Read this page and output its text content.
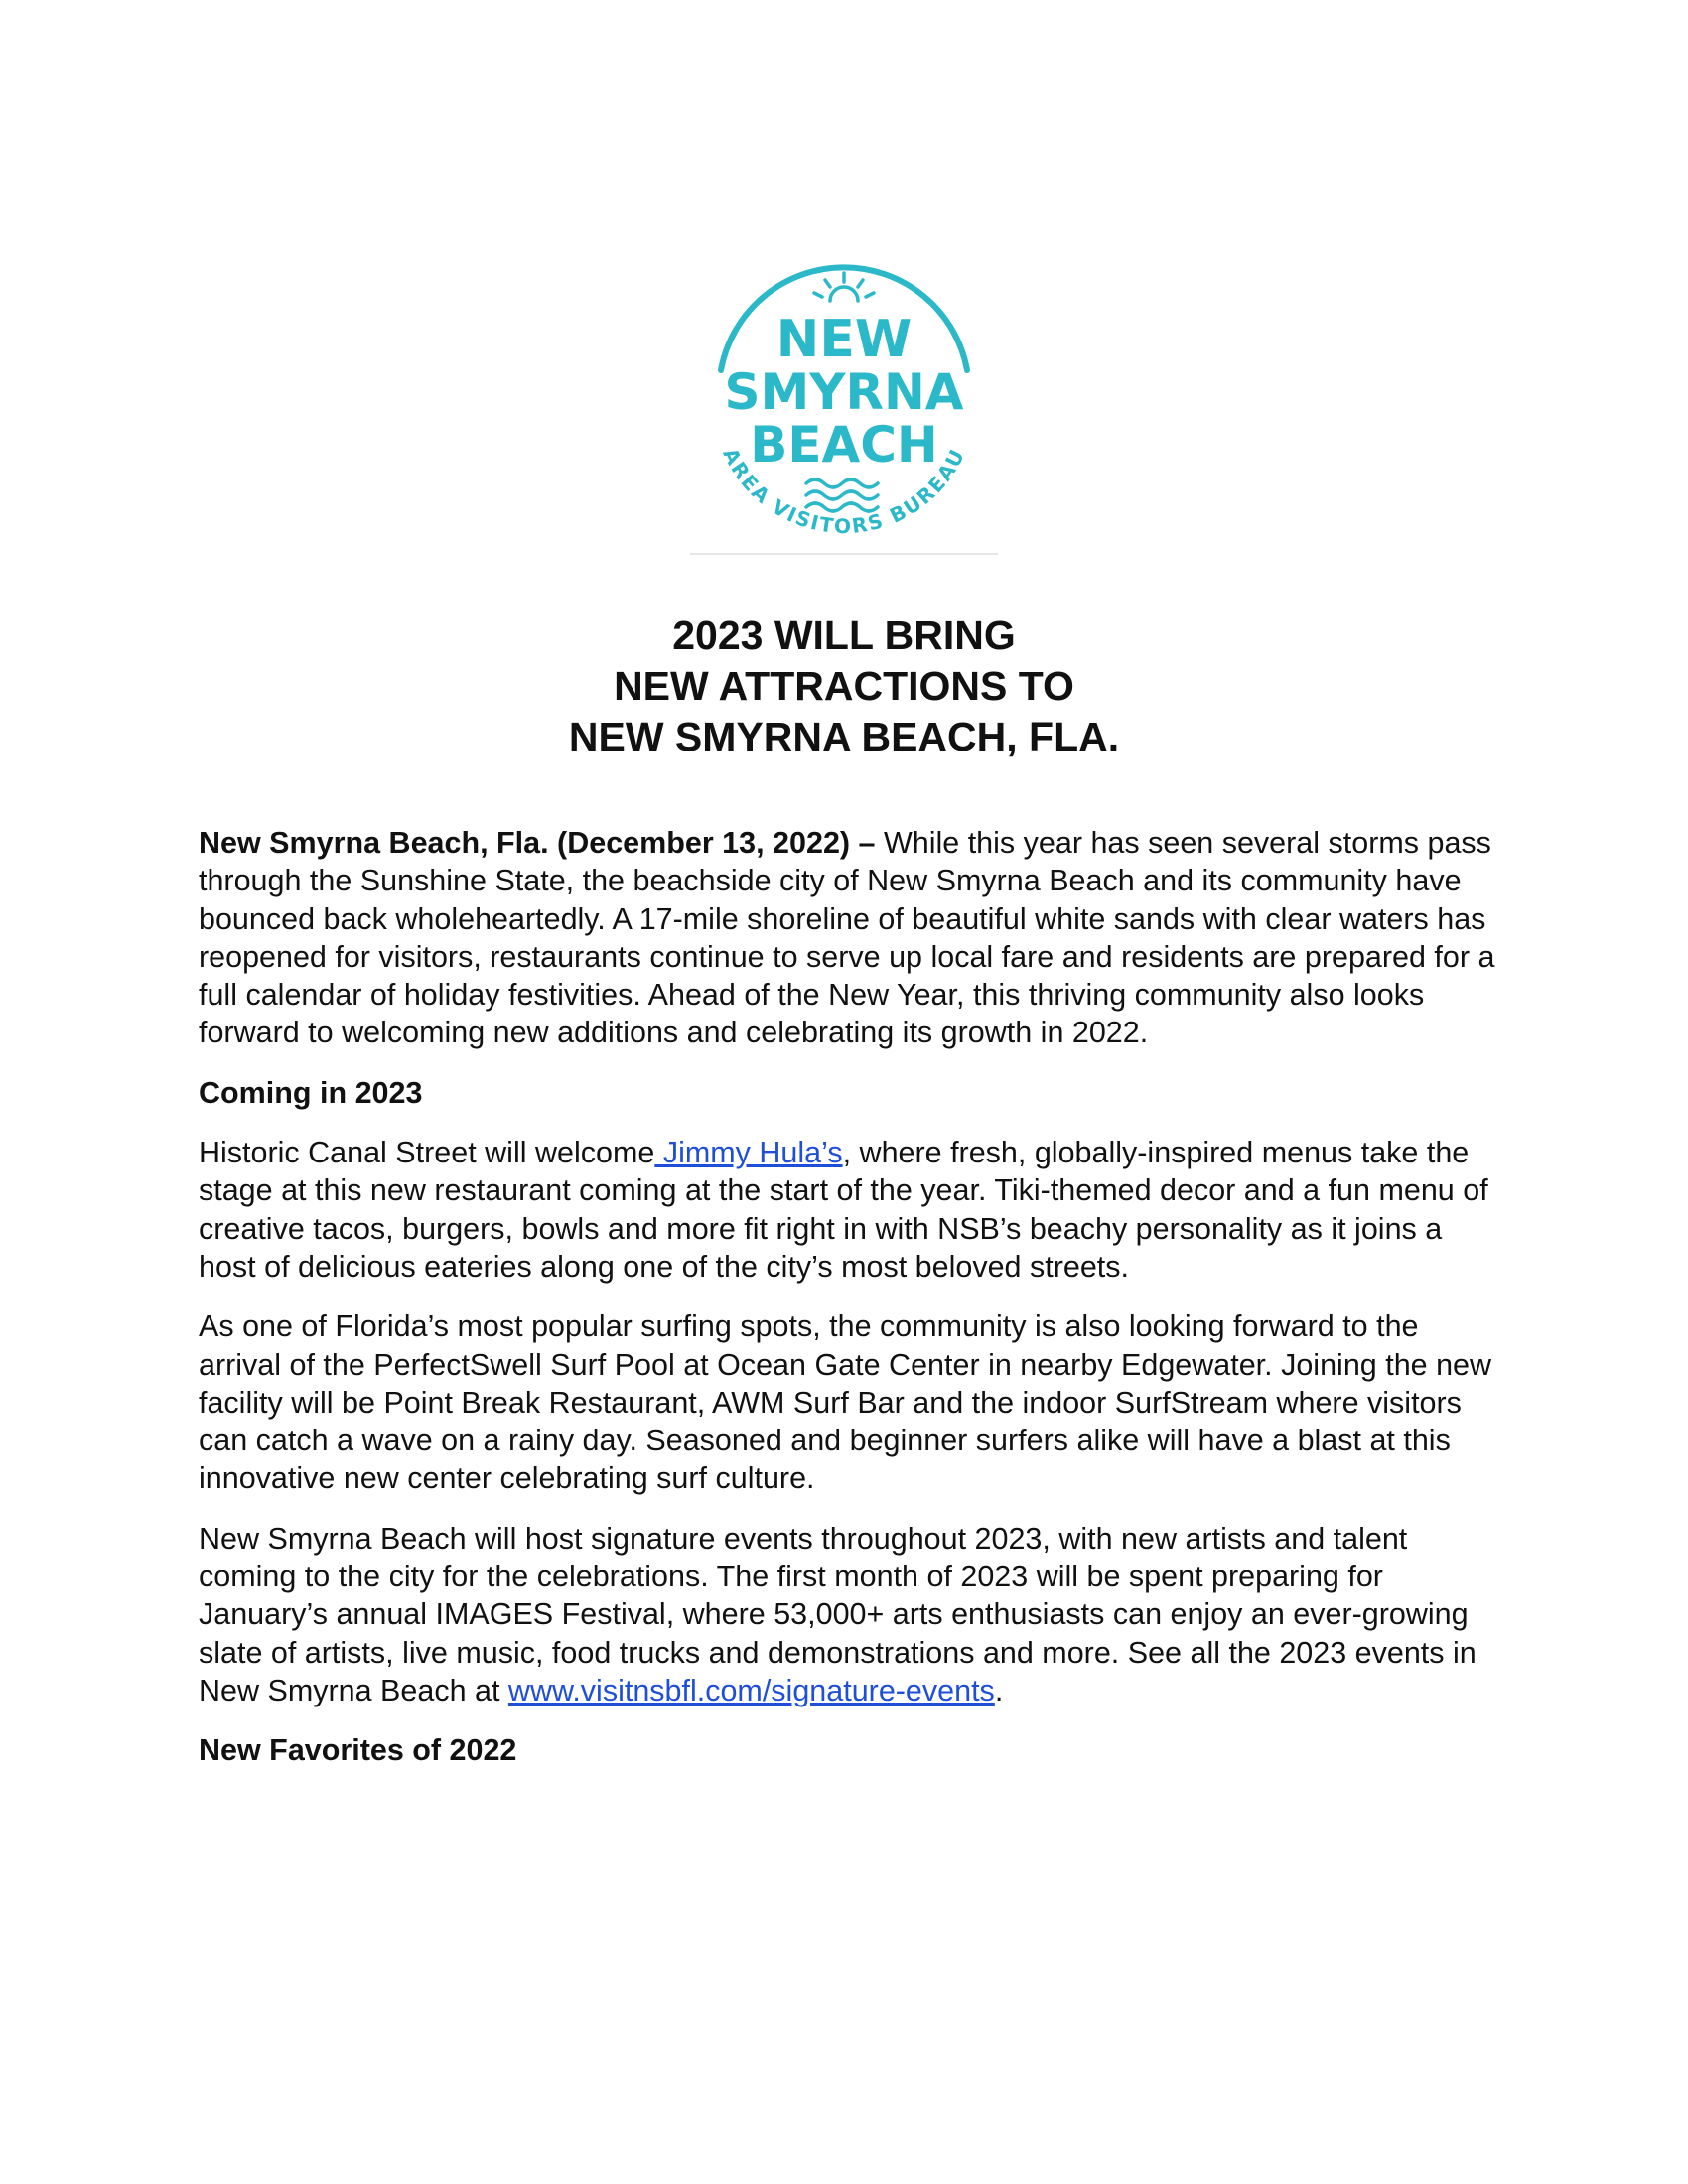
NEW
SMYRNA
BEACH
AREA VISITORS BUREAU
2023 WILL BRING
NEW ATTRACTIONS TO
NEW SMYRNA BEACH, FLA.

New Smyrna Beach, Fla. (December 13, 2022) – While this year has seen several storms pass through the Sunshine State, the beachside city of New Smyrna Beach and its community have bounced back wholeheartedly. A 17-mile shoreline of beautiful white sands with clear waters has reopened for visitors, restaurants continue to serve up local fare and residents are prepared for a full calendar of holiday festivities. Ahead of the New Year, this thriving community also looks forward to welcoming new additions and celebrating its growth in 2022.

Coming in 2023

Historic Canal Street will welcome Jimmy Hula’s, where fresh, globally-inspired menus take the stage at this new restaurant coming at the start of the year. Tiki-themed decor and a fun menu of creative tacos, burgers, bowls and more fit right in with NSB’s beachy personality as it joins a host of delicious eateries along one of the city’s most beloved streets.

As one of Florida’s most popular surfing spots, the community is also looking forward to the arrival of the PerfectSwell Surf Pool at Ocean Gate Center in nearby Edgewater. Joining the new facility will be Point Break Restaurant, AWM Surf Bar and the indoor SurfStream where visitors can catch a wave on a rainy day. Seasoned and beginner surfers alike will have a blast at this innovative new center celebrating surf culture.

New Smyrna Beach will host signature events throughout 2023, with new artists and talent coming to the city for the celebrations. The first month of 2023 will be spent preparing for January’s annual IMAGES Festival, where 53,000+ arts enthusiasts can enjoy an ever-growing slate of artists, live music, food trucks and demonstrations and more. See all the 2023 events in New Smyrna Beach at www.visitnsbfl.com/signature-events.

New Favorites of 2022
